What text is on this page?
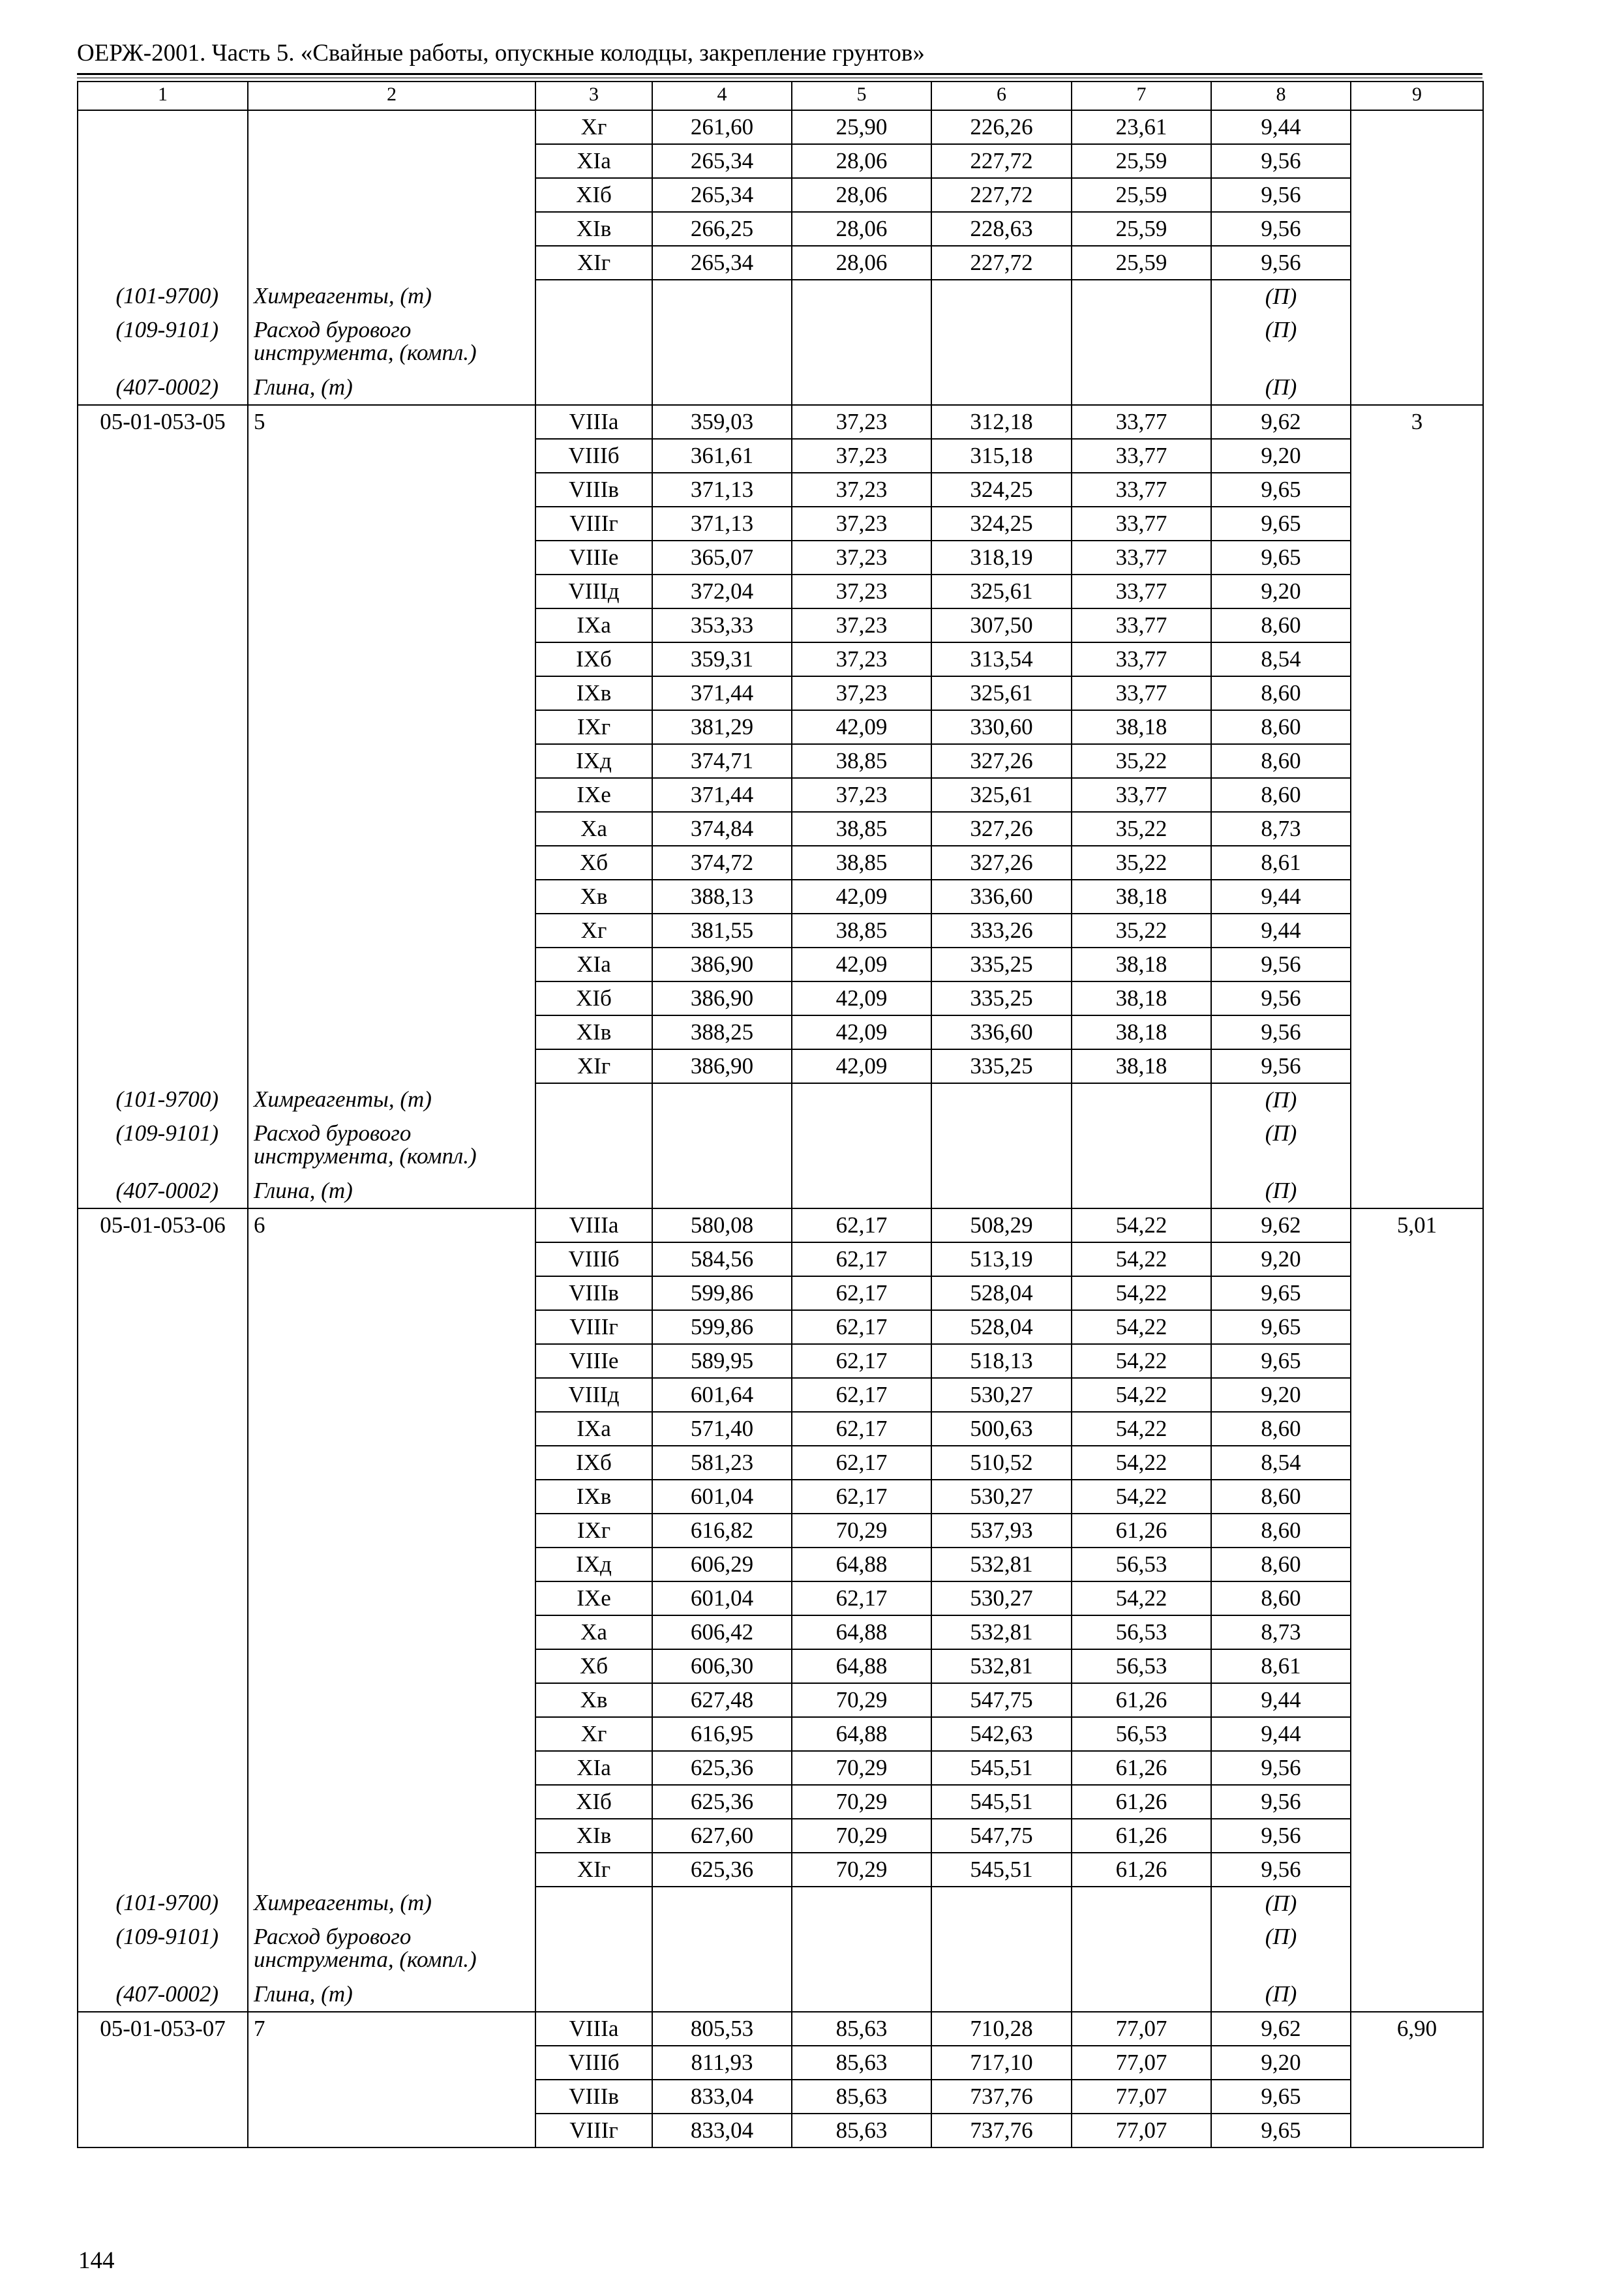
ОЕРЖ-2001. Часть 5. «Свайные работы, опускные колодцы, закрепление грунтов»
1	2	3	4	5	6	7	8	9
		Xг	261,60	25,90	226,26	23,61	9,44	
		XIа	265,34	28,06	227,72	25,59	9,56	
		XIб	265,34	28,06	227,72	25,59	9,56	
		XIв	266,25	28,06	228,63	25,59	9,56	
		XIг	265,34	28,06	227,72	25,59	9,56	

(101-9700)	Химреагенты, (т)						(П)	

(109-9101)	Расход бурового
инструмента, (компл.)						(П)	

(407-0002)	Глина, (т)						(П)	

05-01-053-05	5	VIIIа	359,03	37,23	312,18	33,77	9,62	3
		VIIIб	361,61	37,23	315,18	33,77	9,20	
		VIIIв	371,13	37,23	324,25	33,77	9,65	
		VIIIг	371,13	37,23	324,25	33,77	9,65	
		VIIIе	365,07	37,23	318,19	33,77	9,65	
		VIIIд	372,04	37,23	325,61	33,77	9,20	
		IXа	353,33	37,23	307,50	33,77	8,60	
		IXб	359,31	37,23	313,54	33,77	8,54	
		IXв	371,44	37,23	325,61	33,77	8,60	
		IXг	381,29	42,09	330,60	38,18	8,60	
		IXд	374,71	38,85	327,26	35,22	8,60	
		IXе	371,44	37,23	325,61	33,77	8,60	
		Xа	374,84	38,85	327,26	35,22	8,73	
		Xб	374,72	38,85	327,26	35,22	8,61	
		Xв	388,13	42,09	336,60	38,18	9,44	
		Xг	381,55	38,85	333,26	35,22	9,44	
		XIа	386,90	42,09	335,25	38,18	9,56	
		XIб	386,90	42,09	335,25	38,18	9,56	
		XIв	388,25	42,09	336,60	38,18	9,56	
		XIг	386,90	42,09	335,25	38,18	9,56	

(101-9700)	Химреагенты, (т)						(П)	

(109-9101)	Расход бурового
инструмента, (компл.)						(П)	

(407-0002)	Глина, (т)						(П)	

05-01-053-06	6	VIIIа	580,08	62,17	508,29	54,22	9,62	5,01
		VIIIб	584,56	62,17	513,19	54,22	9,20	
		VIIIв	599,86	62,17	528,04	54,22	9,65	
		VIIIг	599,86	62,17	528,04	54,22	9,65	
		VIIIе	589,95	62,17	518,13	54,22	9,65	
		VIIIд	601,64	62,17	530,27	54,22	9,20	
		IXа	571,40	62,17	500,63	54,22	8,60	
		IXб	581,23	62,17	510,52	54,22	8,54	
		IXв	601,04	62,17	530,27	54,22	8,60	
		IXг	616,82	70,29	537,93	61,26	8,60	
		IXд	606,29	64,88	532,81	56,53	8,60	
		IXе	601,04	62,17	530,27	54,22	8,60	
		Xа	606,42	64,88	532,81	56,53	8,73	
		Xб	606,30	64,88	532,81	56,53	8,61	
		Xв	627,48	70,29	547,75	61,26	9,44	
		Xг	616,95	64,88	542,63	56,53	9,44	
		XIа	625,36	70,29	545,51	61,26	9,56	
		XIб	625,36	70,29	545,51	61,26	9,56	
		XIв	627,60	70,29	547,75	61,26	9,56	
		XIг	625,36	70,29	545,51	61,26	9,56	

(101-9700)	Химреагенты, (т)						(П)	

(109-9101)	Расход бурового
инструмента, (компл.)						(П)	

(407-0002)	Глина, (т)						(П)	

05-01-053-07	7	VIIIа	805,53	85,63	710,28	77,07	9,62	6,90
		VIIIб	811,93	85,63	717,10	77,07	9,20	
		VIIIв	833,04	85,63	737,76	77,07	9,65	
		VIIIг	833,04	85,63	737,76	77,07	9,65	
144
